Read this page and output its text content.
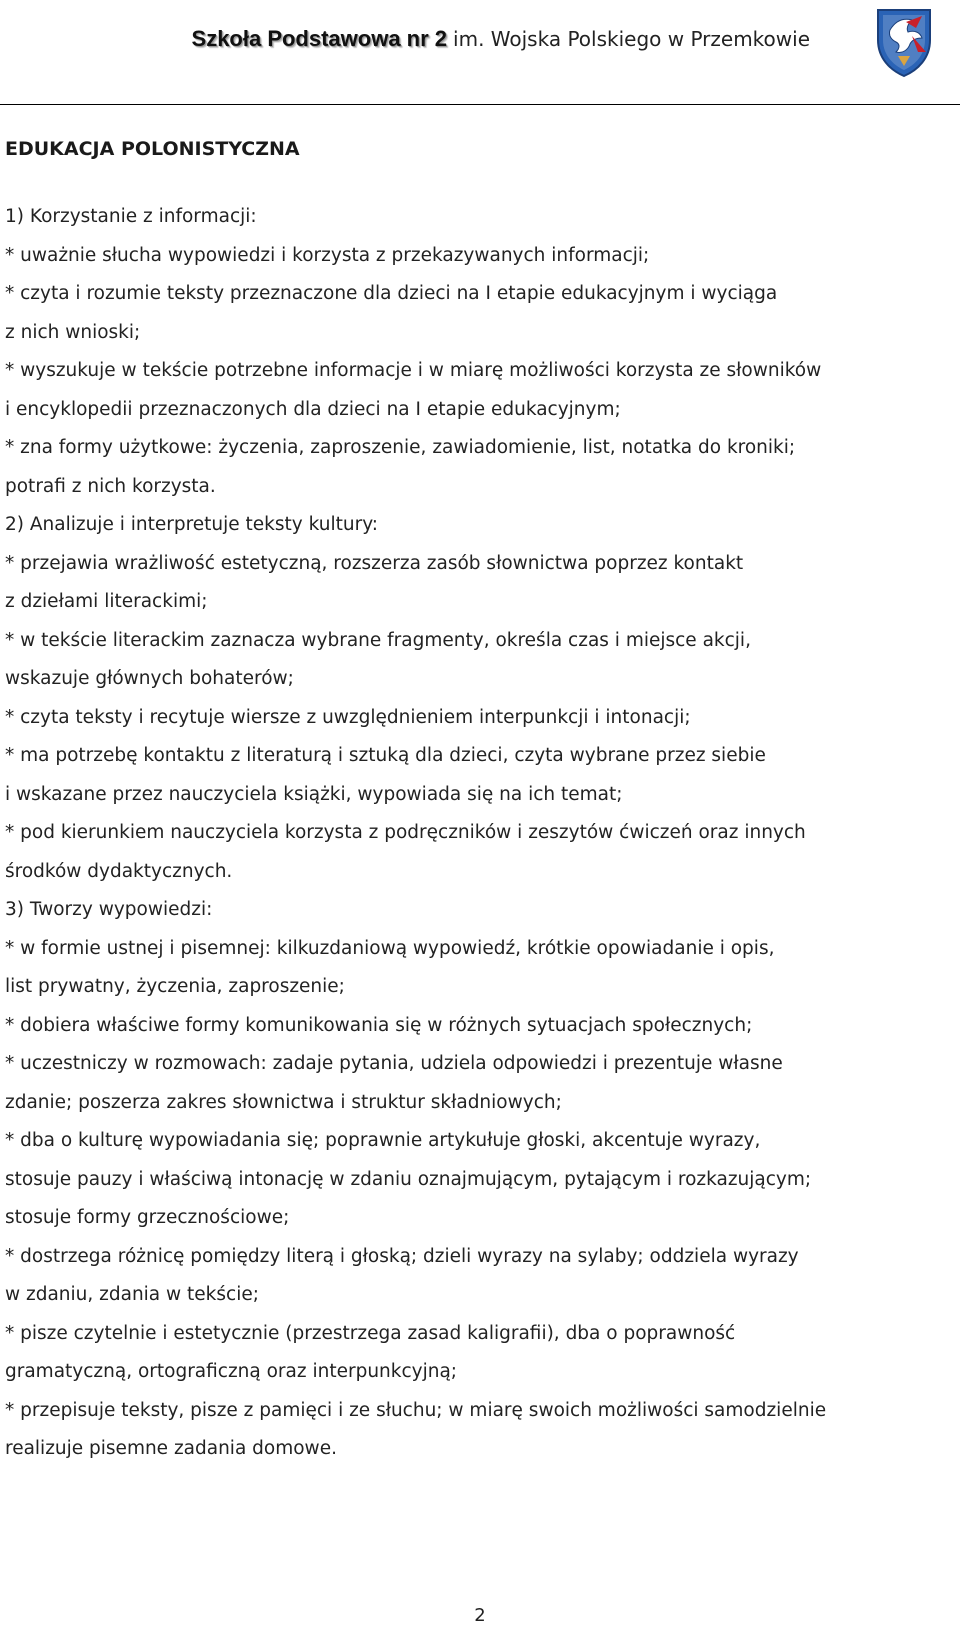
Szkoła Podstawowa nr 2 im. Wojska Polskiego w Przemkowie
EDUKACJA POLONISTYCZNA
1) Korzystanie z informacji:
* uważnie słucha wypowiedzi i korzysta z przekazywanych informacji;
* czyta i rozumie teksty przeznaczone dla dzieci na I etapie edukacyjnym i wyciąga
z nich wnioski;
* wyszukuje w tekście potrzebne informacje i w miarę możliwości korzysta ze słowników
i encyklopedii przeznaczonych dla dzieci na I etapie edukacyjnym;
* zna formy użytkowe: życzenia, zaproszenie, zawiadomienie, list, notatka do kroniki;
potrafi z nich korzysta.
2) Analizuje i interpretuje teksty kultury:
* przejawia wrażliwość estetyczną, rozszerza zasób słownictwa poprzez kontakt
z dziełami literackimi;
* w tekście literackim zaznacza wybrane fragmenty, określa czas i miejsce akcji,
wskazuje głównych bohaterów;
* czyta teksty i recytuje wiersze z uwzględnieniem interpunkcji i intonacji;
* ma potrzebę kontaktu z literaturą i sztuką dla dzieci, czyta wybrane przez siebie
i wskazane przez nauczyciela książki, wypowiada się na ich temat;
* pod kierunkiem nauczyciela korzysta z podręczników i zeszytów ćwiczeń oraz innych
środków dydaktycznych.
3) Tworzy wypowiedzi:
* w formie ustnej i pisemnej: kilkuzdaniową wypowiedź, krótkie opowiadanie i opis,
list prywatny, życzenia, zaproszenie;
* dobiera właściwe formy komunikowania się w różnych sytuacjach społecznych;
* uczestniczy w rozmowach: zadaje pytania, udziela odpowiedzi i prezentuje własne
zdanie; poszerza zakres słownictwa i struktur składniowych;
* dba o kulturę wypowiadania się; poprawnie artykułuje głoski, akcentuje wyrazy,
stosuje pauzy i właściwą intonację w zdaniu oznajmującym, pytającym i rozkazującym;
stosuje formy grzecznościowe;
* dostrzega różnicę pomiędzy literą i głoską; dzieli wyrazy na sylaby; oddziela wyrazy
w zdaniu, zdania w tekście;
* pisze czytelnie i estetycznie (przestrzega zasad kaligrafii), dba o poprawność
gramatyczną, ortograficzną oraz interpunkcyjną;
* przepisuje teksty, pisze z pamięci i ze słuchu; w miarę swoich możliwości samodzielnie
realizuje pisemne zadania domowe.
2
